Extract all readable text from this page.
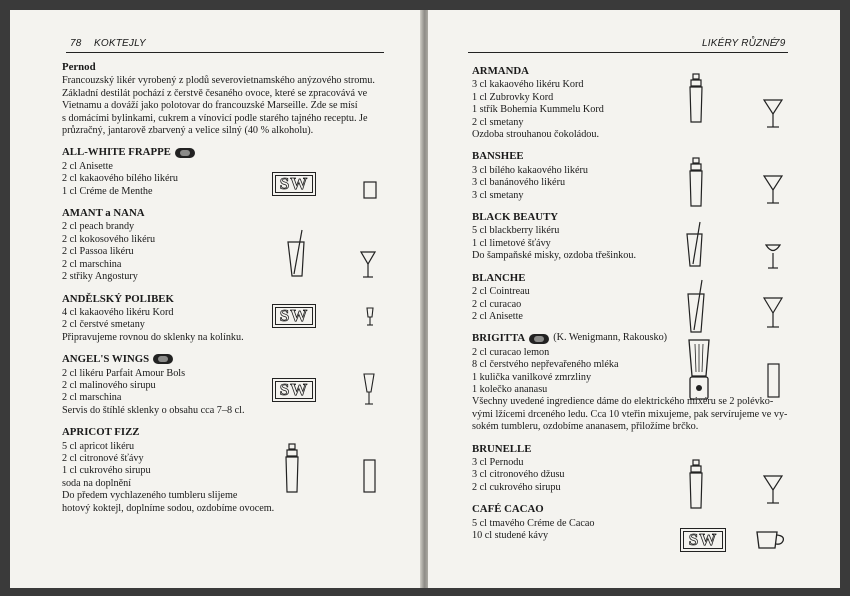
78 KOKTEJLY
Pernod

Francouzský likér vyrobený z plodů severovietnamského anýzového stromu.

Základní destilát pochází z čerstvě česaného ovoce, které se zpracovává ve

Vietnamu a dováží jako polotovar do francouzské Marseille. Zde se mísí

s domácími bylinkami, cukrem a vínovicí podle starého tajného receptu. Je

průzračný, jantarově zbarvený a velice silný (40 % alkoholu).

ALL-WHITE FRAPPE

2 cl Anisette

2 cl kakaového bílého likéru

1 cl Créme de Menthe

AMANT a NANA

2 cl peach brandy

2 cl kokosového likéru

2 cl Passoa likéru

2 cl marschina

2 střiky Angostury

ANDĚLSKÝ POLIBEK

4 cl kakaového likéru Kord

2 cl čerstvé smetany

Připravujeme rovnou do sklenky na kolínku.

ANGEL'S WINGS

2 cl likéru Parfait Amour Bols

2 cl malinového sirupu

2 cl marschina

Servis do štíhlé sklenky o obsahu cca 7–8 cl.

APRICOT FIZZ

5 cl apricot likéru

2 cl citronové šťávy

1 cl cukrového sirupu

soda na doplnění

Do předem vychlazeného tumbleru slijeme

hotový koktejl, doplníme sodou, ozdobíme ovocem.

SW
SW
SW
LIKÉRY RŮZNÉ
79
ARMANDA

3 cl kakaového likéru Kord

1 cl Zubrovky Kord

1 střík Bohemia Kummelu Kord

2 cl smetany

Ozdoba strouhanou čokoládou.

BANSHEE

3 cl bílého kakaového likéru

3 cl banánového likéru

3 cl smetany

BLACK BEAUTY

5 cl blackberry likéru

1 cl limetové šťávy

Do šampaňské misky, ozdoba třešinkou.

BLANCHE

2 cl Cointreau

2 cl curacao

2 cl Anisette

BRIGITTA	(K. Wenigmann, Rakousko)

2 cl curacao lemon

8 cl čerstvého nepřevařeného mléka

1 kulička vanilkové zmrzliny

1 kolečko ananasu

Všechny uvedené ingredience dáme do elektrického mixéru se 2 polévko-

vými lžícemi drceného ledu. Cca 10 vteřin mixujeme, pak servírujeme ve vy-

sokém tumbleru, ozdobíme ananasem, přiložíme brčko.

BRUNELLE

3 cl Pernodu

3 cl citronového džusu

2 cl cukrového sirupu

CAFÉ CACAO

5 cl tmavého Créme de Cacao

10 cl studené kávy	SW
